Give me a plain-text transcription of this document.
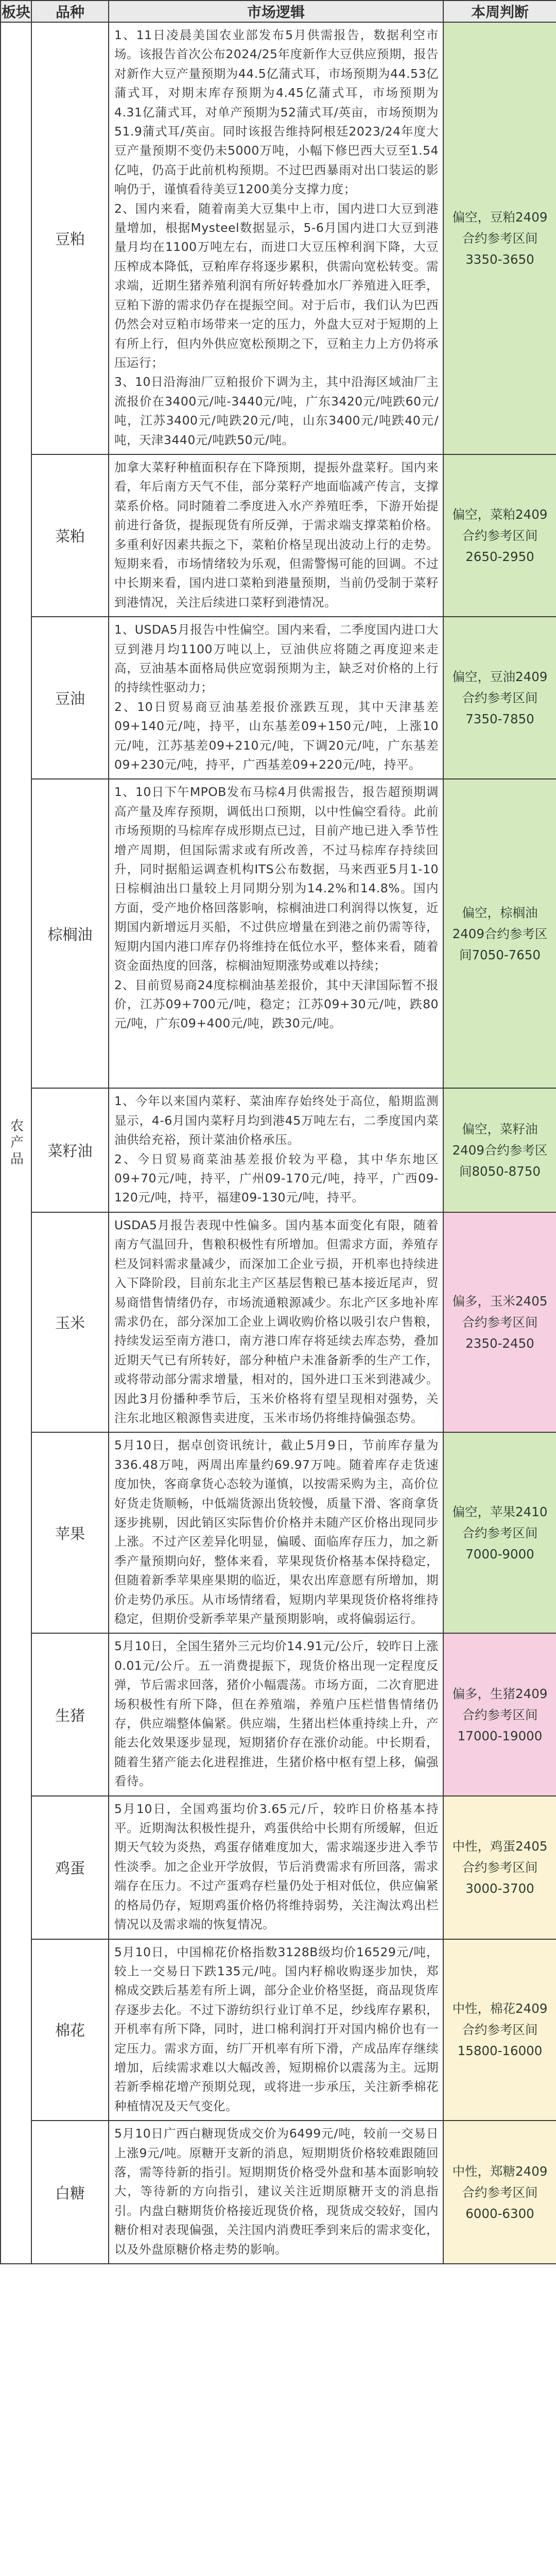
板块	品种	市场逻辑	本周判断

农产品	豆粕	1、11日凌晨美国农业部发布5月供需报告，数据利空市场。该报告首次公布2024/25年度新作大豆供应预期，报告对新作大豆产量预期为44.5亿蒲式耳，市场预期为44.53亿蒲式耳，对期末库存预期为4.45亿蒲式耳，市场预期为4.31亿蒲式耳，对单产预期为52蒲式耳/英亩，市场预期为51.9蒲式耳/英亩。同时该报告维持阿根廷2023/24年度大豆产量预期不变仍未5000万吨，小幅下修巴西大豆至1.54亿吨，仍高于此前机构预期。不过巴西暴雨对出口装运的影响仍于，谨慎看待美豆1200美分支撑力度；

2、国内来看，随着南美大豆集中上市，国内进口大豆到港量增加，根据Mysteel数据显示，5-6月国内进口大豆到港量月均在1100万吨左右，而进口大豆压榨利润下降，大豆压榨成本降低，豆粕库存将逐步累积，供需向宽松转变。需求端，近期生猪养殖利润有所好转叠加水厂养殖进入旺季，豆粕下游的需求仍存在提振空间。对于后市，我们认为巴西仍然会对豆粕市场带来一定的压力，外盘大豆对于短期的上有所上行，但内外供应宽松预期之下，豆粕主力上方仍将承压运行；

3、10日沿海油厂豆粕报价下调为主，其中沿海区域油厂主流报价在3400元/吨-3440元/吨，广东3420元/吨跌60元/吨，江苏3400元/吨跌20元/吨，山东3400元/吨跌40元/吨，天津3440元/吨跌50元/吨。	偏空，豆粕2409合约参考区间3350-3650

	菜粕	加拿大菜籽种植面积存在下降预期，提振外盘菜籽。国内来看，年后南方天气不佳，部分菜籽产地面临减产传言，支撑菜系价格。同时随着二季度进入水产养殖旺季，下游开始提前进行备货，提振现货有所反弹，于需求端支撑菜粕价格。多重利好因素共振之下，菜粕价格呈现出波动上行的走势。短期来看，市场情绪较为乐观，但需警惕可能的回调。不过中长期来看，国内进口菜粕到港量预期，当前仍受制于菜籽到港情况，关注后续进口菜籽到港情况。	偏空，菜粕2409合约参考区间2650-2950

	豆油	1、USDA5月报告中性偏空。国内来看，二季度国内进口大豆到港月均1100万吨以上，豆油供应将随之再度迎来走高，豆油基本面格局供应宽弱预期为主，缺乏对价格的上行的持续性驱动力；

2、10日贸易商豆油基差报价涨跌互现，其中天津基差09+140元/吨，持平，山东基差09+150元/吨，上涨10元/吨，江苏基差09+210元/吨，下调20元/吨，广东基差09+230元/吨，持平，广西基差09+220元/吨，持平。	偏空，豆油2409合约参考区间7350-7850

	棕榈油	1、10日下午MPOB发布马棕4月供需报告，报告超预期调高产量及库存预期，调低出口预期，以中性偏空看待。此前市场预期的马棕库存成形期点已过，目前产地已进入季节性增产周期，但国际需求或有所改善，不过马棕库存持续回升，同时据船运调查机构ITS公布数据，马来西亚5月1-10日棕榈油出口量较上月同期分别为14.2%和14.8%。国内方面，受产地价格回落影响，棕榈油进口利润得以恢复，近期国内新增远月买船，不过供应增量在到港之前仍需等待，短期内国内港口库存仍将维持在低位水平，整体来看，随着资金面热度的回落，棕榈油短期涨势或难以持续；

2、目前贸易商24度棕榈油基差报价，其中天津国际暂不报价，江苏09+700元/吨，稳定；江苏09+30元/吨，跌80元/吨，广东09+400元/吨，跌30元/吨。	偏空，棕榈油2409合约参考区间7050-7650

	菜籽油	1、今年以来国内菜籽、菜油库存始终处于高位，船期监测显示，4-6月国内菜籽月均到港45万吨左右，二季度国内菜油供给充裕，预计菜油价格承压。

2、今日贸易商菜油基差报价较为平稳，其中华东地区09+70元/吨，持平，广州09-170元/吨，持平，广西09-120元/吨，持平，福建09-130元/吨，持平。	偏空，菜籽油2409合约参考区间8050-8750

	玉米	USDA5月报告表现中性偏多。国内基本面变化有限，随着南方气温回升，售粮积极性有所增加。但需求方面，养殖存栏及饲料需求量减少，而深加工企业亏损，开机率也持续进入下降阶段，目前东北主产区基层售粮已基本接近尾声，贸易商惜售情绪仍存，市场流通粮源减少。东北产区多地补库需求仍在，部分深加工企业上调收购价格以吸引农户售粮，持续发运至南方港口，南方港口库存将延续去库态势，叠加近期天气已有所转好，部分种植户未准备新季的生产工作，或将带动部分需求增量，相对的，国外进口玉米到港减少。因此3月份播种季节后，玉米价格将有望呈现相对强势，关注东北地区粮源售卖进度，玉米市场仍将维持偏强态势。	偏多，玉米2405合约参考区间2350-2450

	苹果	5月10日，据卓创资讯统计，截止5月9日，节前库存量为336.48万吨，两周出库量约69.97万吨。随着库存走货速度加快，客商拿货心态较为谨慎，以按需采购为主，高价位好货走货顺畅，中低端货源出货较慢，质量下滑、客商拿货逐步挑剔，因此销区实际售价价格并未随产区价格出现同步上涨。不过产区差异化明显，偏暖、面临库存压力，加之新季产量预期向好，整体来看，苹果现货价格基本保持稳定，但随着新季苹果座果期的临近，果农出库意愿有所增加，期价走势仍承压。从市场情绪看，短期内苹果现货价格将维持稳定，但期价受新季苹果产量预期影响，或将偏弱运行。	偏空，苹果2410合约参考区间7000-9000

	生猪	5月10日，全国生猪外三元均价14.91元/公斤，较昨日上涨0.01元/公斤。五一消费提振下，现货价格出现一定程度反弹，节后需求回落，猪价小幅震荡。市场方面，二次育肥进场积极性有所下降，但在养殖端，养殖户压栏惜售情绪仍存，供应端整体偏紧。供应端，生猪出栏体重持续上升，产能去化效果逐步显现，短期猪价存在涨价动能。中长期看，随着生猪产能去化进程推进，生猪价格中枢有望上移，偏强看待。	偏多，生猪2409合约参考区间17000-19000

	鸡蛋	5月10日，全国鸡蛋均价3.65元/斤，较昨日价格基本持平。近期淘汰积极性提升，鸡蛋供给中长期有所缓解，但近期天气较为炎热，鸡蛋存储难度加大，需求端逐步进入季节性淡季。加之企业开学放假，节后消费需求有所回落，需求端存在压力。不过产蛋鸡存栏量仍处于相对低位，供应偏紧的格局仍存，短期鸡蛋价格仍将维持弱势，关注淘汰鸡出栏情况以及需求端的恢复情况。	中性，鸡蛋2405合约参考区间3000-3700

	棉花	5月10日，中国棉花价格指数3128B级均价16529元/吨，较上一交易日下跌135元/吨。国内籽棉收购逐步加快，郑棉成交跌后基差有所上调，部分企业价格坚挺，商品现货库存逐步去化。不过下游纺织行业订单不足，纱线库存累积，开机率有所下降，同时，进口棉利润打开对国内棉价也有一定压力。需求方面，纺厂开机率有所下滑，产成品库存继续增加，后续需求难以大幅改善，短期棉价以震荡为主。远期若新季棉花增产预期兑现，或将进一步承压，关注新季棉花种植情况及天气变化。	中性，棉花2409合约参考区间15800-16000

	白糖	5月10日广西白糖现货成交价为6499元/吨，较前一交易日上涨9元/吨。原糖开支新的消息，短期期货价格较难跟随回落，需等待新的指引。短期期货价格受外盘和基本面影响较大，等待新的方向指引，建议关注近期原糖开支的消息指引。内盘白糖期货价格接近现货价格，现货成交较好，国内糖价相对表现偏强，关注国内消费旺季到来后的需求变化，以及外盘原糖价格走势的影响。	中性，郑糖2409合约参考区间6000-6300
